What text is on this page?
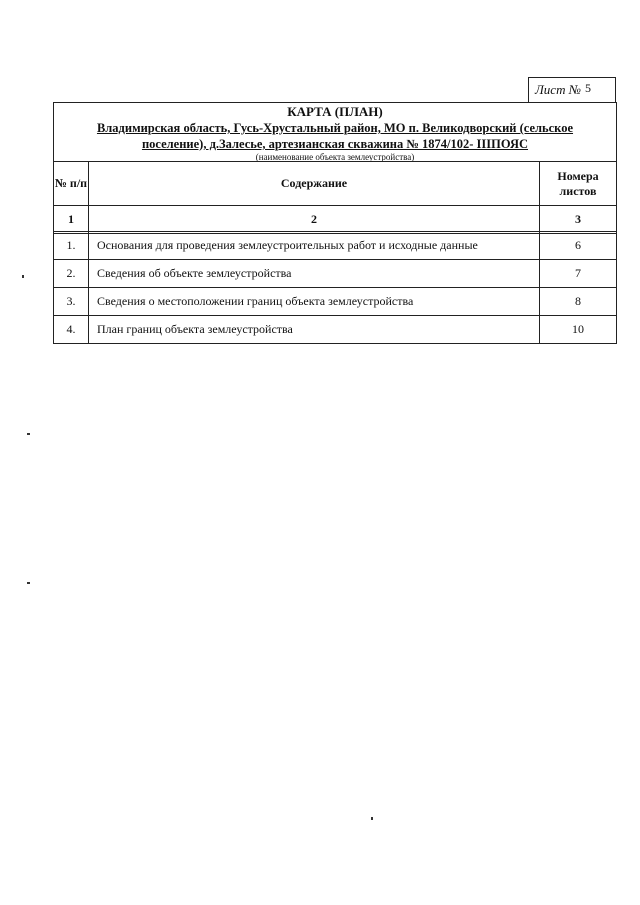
Лист № 5
КАРТА (ПЛАН)
Владимирская область, Гусь-Хрустальный район, МО п. Великодворский (сельское
поселение), д.Залесье, артезианская скважина № 1874/102- IIIПОЯС
(наименование объекта землеустройства)
№ п/п	Содержание	Номера листов
1	2	3
1.	Основания для проведения землеустроительных работ и исходные данные	6
2.	Сведения об объекте землеустройства	7
3.	Сведения о местоположении границ объекта землеустройства	8
4.	План границ объекта землеустройства	10
